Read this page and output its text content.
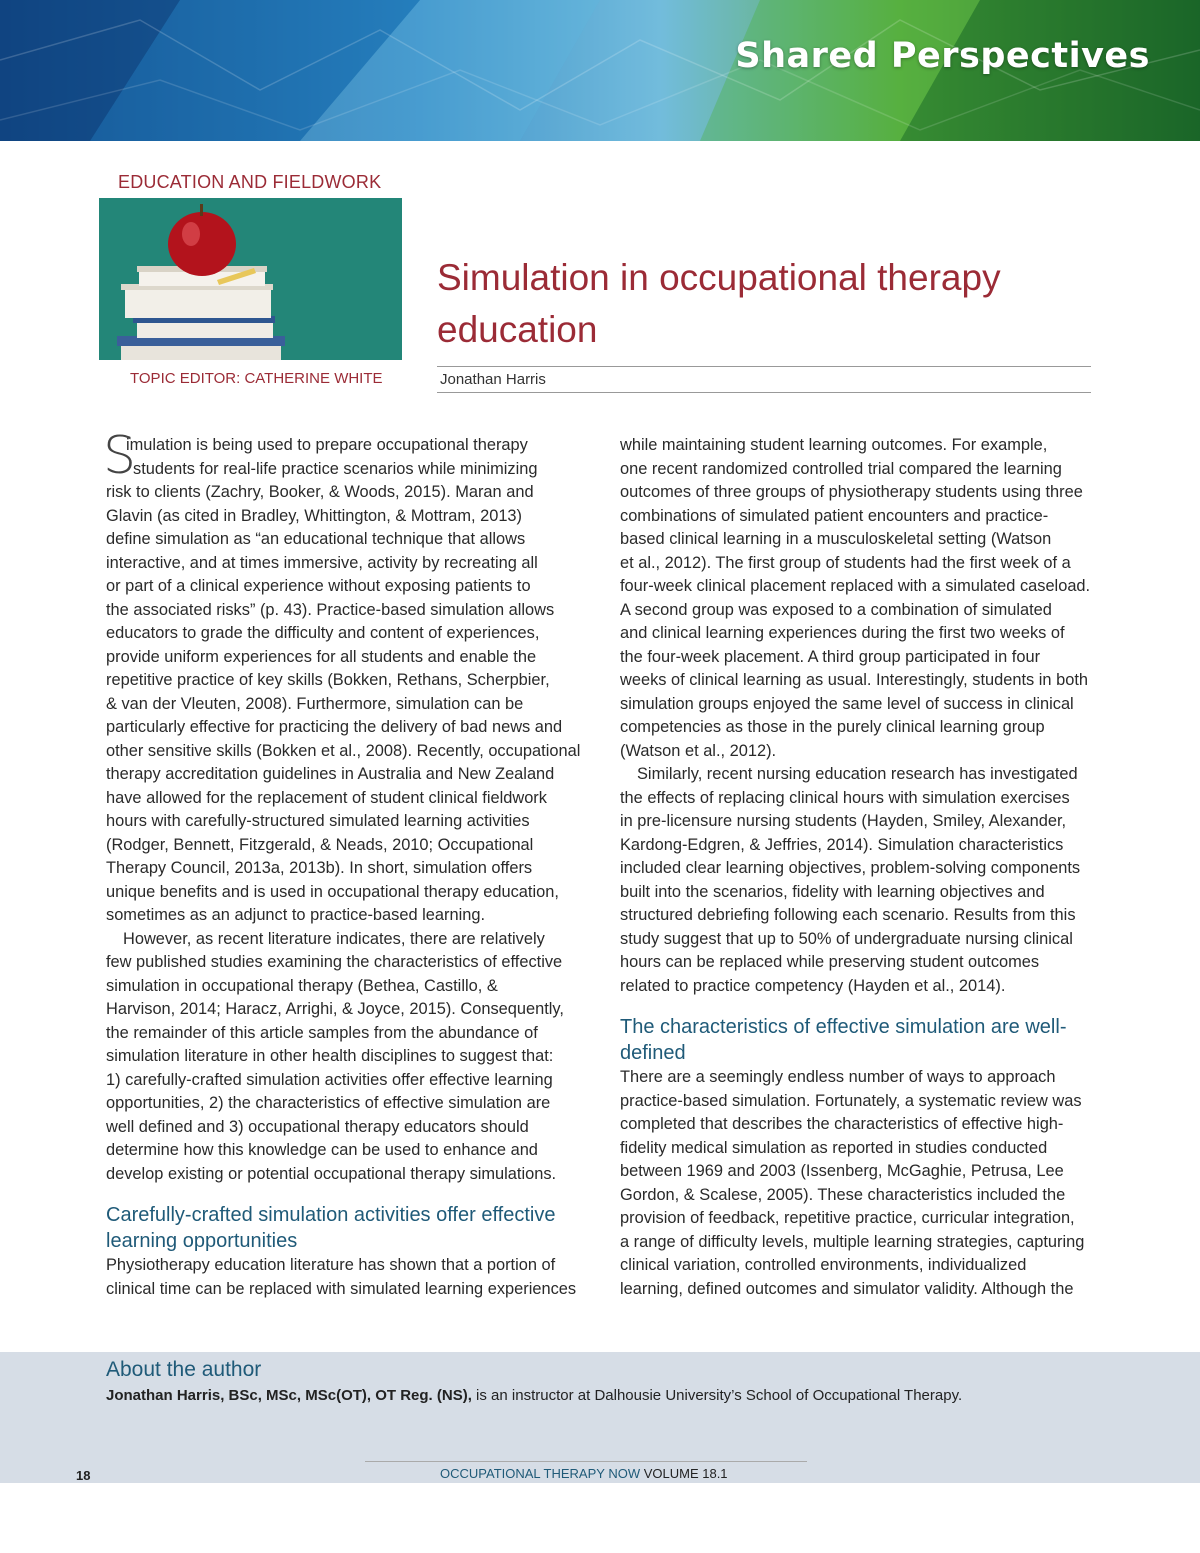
Shared Perspectives
EDUCATION AND FIELDWORK
TOPIC EDITOR: CATHERINE WHITE
Simulation in occupational therapy
education
Jonathan Harris
S

imulation is being used to prepare occupational therapy

students for real-life practice scenarios while minimizing

risk to clients (Zachry, Booker, & Woods, 2015). Maran and

Glavin (as cited in Bradley, Whittington, & Mottram, 2013)

define simulation as “an educational technique that allows

interactive, and at times immersive, activity by recreating all

or part of a clinical experience without exposing patients to

the associated risks” (p. 43). Practice-based simulation allows

educators to grade the difficulty and content of experiences,

provide uniform experiences for all students and enable the

repetitive practice of key skills (Bokken, Rethans, Scherpbier,

& van der Vleuten, 2008). Furthermore, simulation can be

particularly effective for practicing the delivery of bad news and

other sensitive skills (Bokken et al., 2008). Recently, occupational

therapy accreditation guidelines in Australia and New Zealand

have allowed for the replacement of student clinical fieldwork

hours with carefully-structured simulated learning activities

(Rodger, Bennett, Fitzgerald, & Neads, 2010; Occupational

Therapy Council, 2013a, 2013b). In short, simulation offers

unique benefits and is used in occupational therapy education,

sometimes as an adjunct to practice-based learning.

However, as recent literature indicates, there are relatively

few published studies examining the characteristics of effective

simulation in occupational therapy (Bethea, Castillo, &

Harvison, 2014; Haracz, Arrighi, & Joyce, 2015). Consequently,

the remainder of this article samples from the abundance of

simulation literature in other health disciplines to suggest that:

1) carefully-crafted simulation activities offer effective learning

opportunities, 2) the characteristics of effective simulation are

well defined and 3) occupational therapy educators should

determine how this knowledge can be used to enhance and

develop existing or potential occupational therapy simulations.

Carefully-crafted simulation activities offer effective

learning opportunities

Physiotherapy education literature has shown that a portion of

clinical time can be replaced with simulated learning experiences

while maintaining student learning outcomes. For example,

one recent randomized controlled trial compared the learning

outcomes of three groups of physiotherapy students using three

combinations of simulated patient encounters and practice-

based clinical learning in a musculoskeletal setting (Watson

et al., 2012). The first group of students had the first week of a

four-week clinical placement replaced with a simulated caseload.

A second group was exposed to a combination of simulated

and clinical learning experiences during the first two weeks of

the four-week placement. A third group participated in four

weeks of clinical learning as usual. Interestingly, students in both

simulation groups enjoyed the same level of success in clinical

competencies as those in the purely clinical learning group

(Watson et al., 2012).

Similarly, recent nursing education research has investigated

the effects of replacing clinical hours with simulation exercises

in pre-licensure nursing students (Hayden, Smiley, Alexander,

Kardong-Edgren, & Jeffries, 2014). Simulation characteristics

included clear learning objectives, problem-solving components

built into the scenarios, fidelity with learning objectives and

structured debriefing following each scenario. Results from this

study suggest that up to 50% of undergraduate nursing clinical

hours can be replaced while preserving student outcomes

related to practice competency (Hayden et al., 2014).

The characteristics of effective simulation are well-

defined

There are a seemingly endless number of ways to approach

practice-based simulation. Fortunately, a systematic review was

completed that describes the characteristics of effective high-

fidelity medical simulation as reported in studies conducted

between 1969 and 2003 (Issenberg, McGaghie, Petrusa, Lee

Gordon, & Scalese, 2005). These characteristics included the

provision of feedback, repetitive practice, curricular integration,

a range of difficulty levels, multiple learning strategies, capturing

clinical variation, controlled environments, individualized

learning, defined outcomes and simulator validity. Although the

About the author
Jonathan Harris, BSc, MSc, MSc(OT), OT Reg. (NS), is an instructor at Dalhousie University’s School of Occupational Therapy.
18	OCCUPATIONAL THERAPY NOW VOLUME 18.1
